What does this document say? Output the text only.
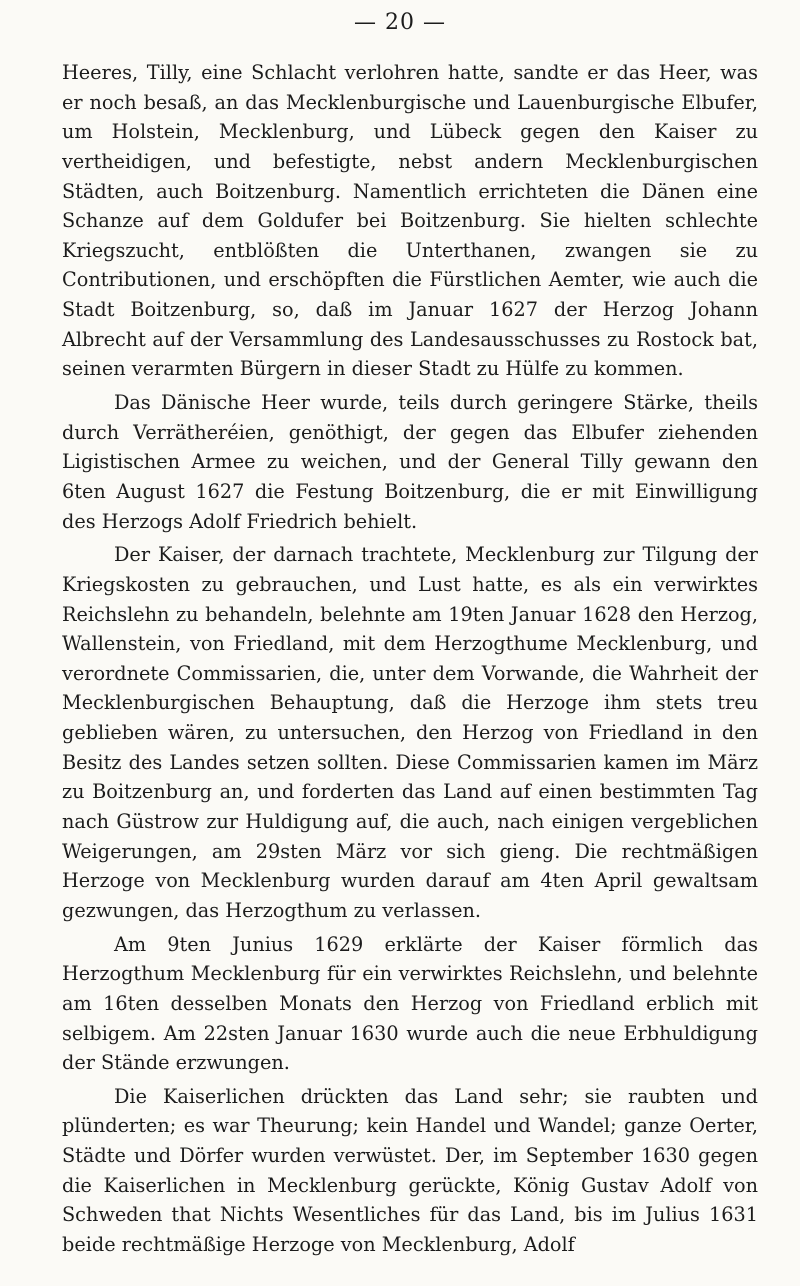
— 20 —

Heeres, Tilly, eine Schlacht verlohren hatte, sandte er das Heer, was er noch besaß, an das Mecklenburgische und Lauenburgische Elbufer, um Holstein, Mecklenburg, und Lübeck gegen den Kaiser zu vertheidigen, und befestigte, nebst andern Mecklenburgischen Städten, auch Boitzenburg. Namentlich errichteten die Dänen eine Schanze auf dem Goldufer bei Boitzenburg. Sie hielten schlechte Kriegszucht, entblößten die Unterthanen, zwangen sie zu Contributionen, und erschöpften die Fürstlichen Aemter, wie auch die Stadt Boitzenburg, so, daß im Januar 1627 der Herzog Johann Albrecht auf der Versammlung des Landesausschusses zu Rostock bat, seinen verarmten Bürgern in dieser Stadt zu Hülfe zu kommen.

Das Dänische Heer wurde, teils durch geringere Stärke, theils durch Verrätheréien, genöthigt, der gegen das Elbufer ziehenden Ligistischen Armee zu weichen, und der General Tilly gewann den 6ten August 1627 die Festung Boitzenburg, die er mit Einwilligung des Herzogs Adolf Friedrich behielt.

Der Kaiser, der darnach trachtete, Mecklenburg zur Tilgung der Kriegskosten zu gebrauchen, und Lust hatte, es als ein verwirktes Reichslehn zu behandeln, belehnte am 19ten Januar 1628 den Herzog, Wallenstein, von Friedland, mit dem Herzogthume Mecklenburg, und verordnete Commissarien, die, unter dem Vorwande, die Wahrheit der Mecklenburgischen Behauptung, daß die Herzoge ihm stets treu geblieben wären, zu untersuchen, den Herzog von Friedland in den Besitz des Landes setzen sollten. Diese Commissarien kamen im März zu Boitzenburg an, und forderten das Land auf einen bestimmten Tag nach Güstrow zur Huldigung auf, die auch, nach einigen vergeblichen Weigerungen, am 29sten März vor sich gieng. Die rechtmäßigen Herzoge von Mecklenburg wurden darauf am 4ten April gewaltsam gezwungen, das Herzogthum zu verlassen.

Am 9ten Junius 1629 erklärte der Kaiser förmlich das Herzogthum Mecklenburg für ein verwirktes Reichslehn, und belehnte am 16ten desselben Monats den Herzog von Friedland erblich mit selbigem. Am 22sten Januar 1630 wurde auch die neue Erbhuldigung der Stände erzwungen.

Die Kaiserlichen drückten das Land sehr; sie raubten und plünderten; es war Theurung; kein Handel und Wandel; ganze Oerter, Städte und Dörfer wurden verwüstet. Der, im September 1630 gegen die Kaiserlichen in Mecklenburg gerückte, König Gustav Adolf von Schweden that Nichts Wesentliches für das Land, bis im Julius 1631 beide rechtmäßige Herzoge von Mecklenburg, Adolf
